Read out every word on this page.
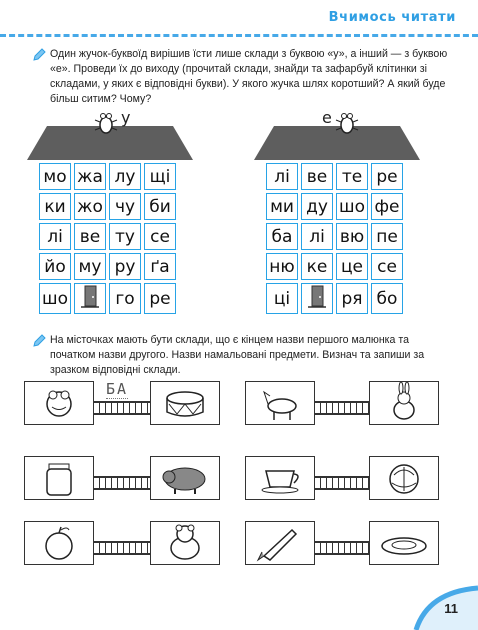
Вчимось читати
Один жучок-буквоїд вирішив їсти лише склади з буквою «у», а інший — з буквою «е». Проведи їх до виходу (прочитай склади, знайди та зафарбуй клітинки зі складами, у яких є відповідні букви). У якого жучка шлях коротший? А який буде більш ситим? Чому?
у
мо	жа	лу	щі
ки	жо	чу	би
лі	ве	ту	се
йо	му	ру	ґа
шо		го	ре
е
лі	ве	те	ре
ми	ду	шо	фе
ба	лі	вю	пе
ню	ке	це	се
ці		ря	бо
На місточках мають бути склади, що є кінцем назви першого малюнка та початком назви другого. Назви намальовані предмети. Визнач та запиши за зразком відповідні склади.
БА
11
